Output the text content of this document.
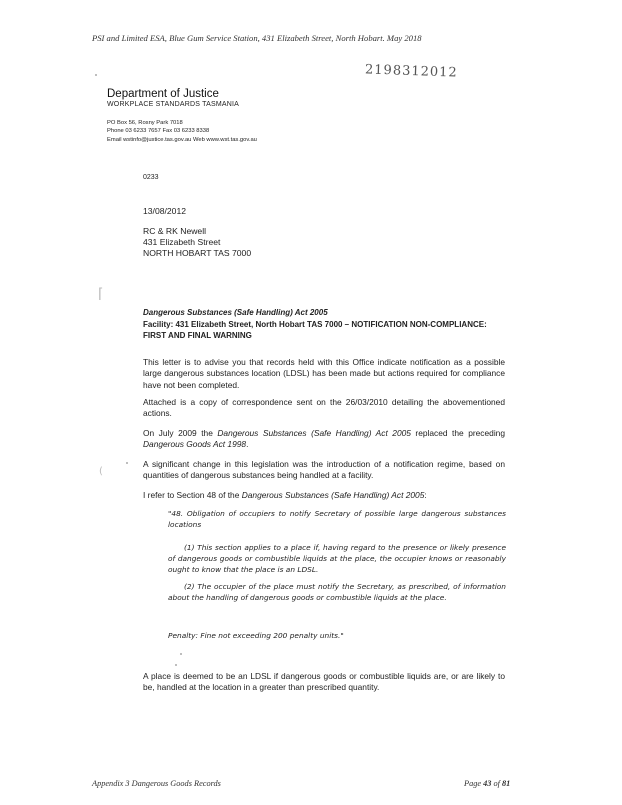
PSI and Limited ESA, Blue Gum Service Station, 431 Elizabeth Street, North Hobart. May 2018
2198312012
Department of Justice
WORKPLACE STANDARDS TASMANIA
PO Box 56, Rosny Park 7018
Phone 03 6233 7657 Fax 03 6233 8338
Email wstinfo@justice.tas.gov.au Web www.wst.tas.gov.au
0233
13/08/2012
RC & RK Newell
431 Elizabeth Street
NORTH HOBART TAS 7000
Dangerous Substances (Safe Handling) Act 2005
Facility: 431 Elizabeth Street, North Hobart TAS 7000 – NOTIFICATION NON-COMPLIANCE: FIRST AND FINAL WARNING
This letter is to advise you that records held with this Office indicate notification as a possible large dangerous substances location (LDSL) has been made but actions required for compliance have not been completed.
Attached is a copy of correspondence sent on the 26/03/2010 detailing the abovementioned actions.
On July 2009 the Dangerous Substances (Safe Handling) Act 2005 replaced the preceding Dangerous Goods Act 1998.
A significant change in this legislation was the introduction of a notification regime, based on quantities of dangerous substances being handled at a facility.
I refer to Section 48 of the Dangerous Substances (Safe Handling) Act 2005:
"48. Obligation of occupiers to notify Secretary of possible large dangerous substances locations
(1) This section applies to a place if, having regard to the presence or likely presence of dangerous goods or combustible liquids at the place, the occupier knows or reasonably ought to know that the place is an LDSL.
(2) The occupier of the place must notify the Secretary, as prescribed, of information about the handling of dangerous goods or combustible liquids at the place.
Penalty: Fine not exceeding 200 penalty units."
A place is deemed to be an LDSL if dangerous goods or combustible liquids are, or are likely to be, handled at the location in a greater than prescribed quantity.
Appendix 3 Dangerous Goods Records	Page 43 of 81
⌈
(
